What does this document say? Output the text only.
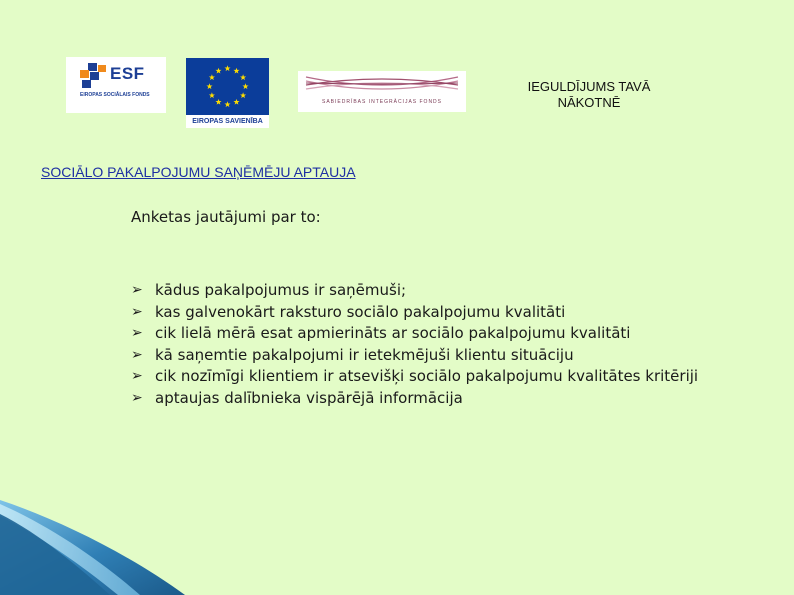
ESF
EIROPAS SOCIĀLAIS FONDS
EIROPAS SAVIENĪBA
SABIEDRĪBAS INTEGRĀCIJAS FONDS
IEGULDĪJUMS TAVĀ
NĀKOTNĒ
SOCIĀLO PAKALPOJUMU SAŅĒMĒJU APTAUJA
Anketas jautājumi par to:
➢ kādus pakalpojumus ir saņēmuši;
➢ kas galvenokārt raksturo sociālo pakalpojumu kvalitāti
➢ cik lielā mērā esat apmierināts ar sociālo pakalpojumu kvalitāti
➢ kā saņemtie pakalpojumi ir ietekmējuši klientu situāciju
➢ cik nozīmīgi klientiem ir atsevišķi sociālo pakalpojumu kvalitātes kritēriji
➢ aptaujas dalībnieka vispārējā informācija
